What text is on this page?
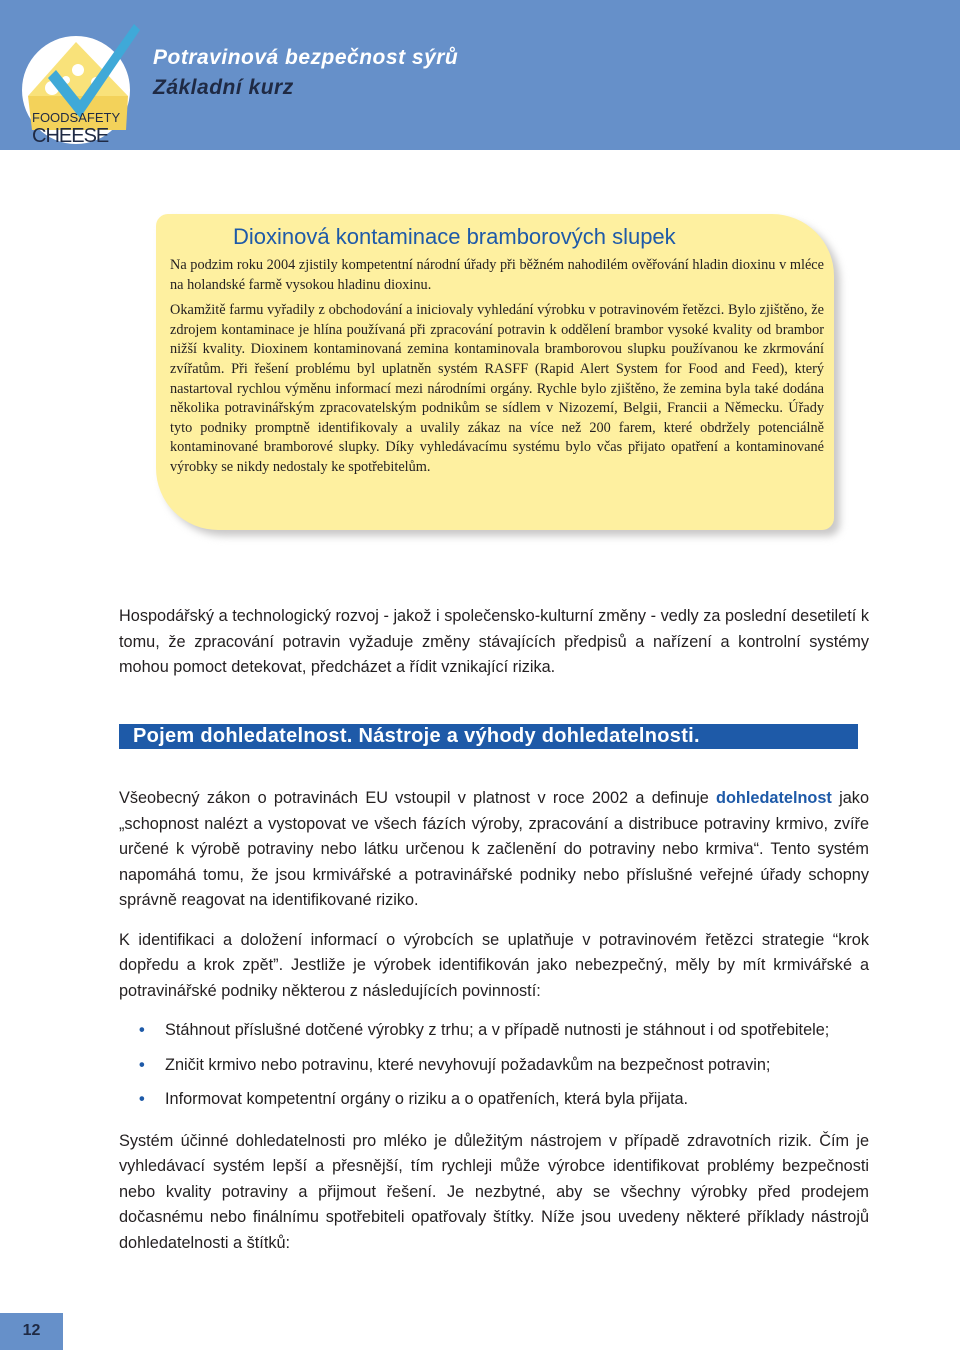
FOODSAFETY
CHEESE
Potravinová bezpečnost sýrů
Základní kurz
Dioxinová kontaminace bramborových slupek

Na podzim roku 2004 zjistily kompetentní národní úřady při běžném nahodilém ověřování hladin dioxinu v mléce na holandské farmě vysokou hladinu dioxinu.

Okamžitě farmu vyřadily z obchodování a iniciovaly vyhledání výrobku v potravinovém řetězci. Bylo zjištěno, že zdrojem kontaminace je hlína používaná při zpracování potravin k oddělení brambor vysoké kvality od brambor nižší kvality. Dioxinem kontaminovaná zemina kontaminovala bramborovou slupku používanou ke zkrmování zvířatům. Při řešení problému byl uplatněn systém RASFF (Rapid Alert System for Food and Feed), který nastartoval rychlou výměnu informací mezi národními orgány. Rychle bylo zjištěno, že zemina byla také dodána několika potravinářským zpracovatelským podnikům se sídlem v Nizozemí, Belgii, Francii a Německu. Úřady tyto podniky promptně identifikovaly a uvalily zákaz na více než 200 farem, které obdržely potenciálně kontaminované bramborové slupky. Díky vyhledávacímu systému bylo včas přijato opatření a kontaminované výrobky se nikdy nedostaly ke spotřebitelům.

Hospodářský a technologický rozvoj - jakož i společensko-kulturní změny - vedly za poslední desetiletí k tomu, že zpracování potravin vyžaduje změny stávajících předpisů a nařízení a kontrolní systémy mohou pomoct detekovat, předcházet a řídit vznikající rizika.

Pojem dohledatelnost. Nástroje a výhody dohledatelnosti.

Všeobecný zákon o potravinách EU vstoupil v platnost v roce 2002 a definuje dohledatelnost jako „schopnost nalézt a vystopovat ve všech fázích výroby, zpracování a distribuce potraviny krmivo, zvíře určené k výrobě potraviny nebo látku určenou k začlenění do potraviny nebo krmiva“. Tento systém napomáhá tomu, že jsou krmivářské a potravinářské podniky nebo příslušné veřejné úřady schopny správně reagovat na identifikované riziko.

K identifikaci a doložení informací o výrobcích se uplatňuje v potravinovém řetězci strategie “krok dopředu a krok zpět”. Jestliže je výrobek identifikován jako nebezpečný, měly by mít krmivářské a potravinářské podniky některou z následujících povinností:

• Stáhnout příslušné dotčené výrobky z trhu; a v případě nutnosti je stáhnout i od spotřebitele;
• Zničit krmivo nebo potravinu, které nevyhovují požadavkům na bezpečnost potravin;
• Informovat kompetentní orgány o riziku a o opatřeních, která byla přijata.

Systém účinné dohledatelnosti pro mléko je důležitým nástrojem v případě zdravotních rizik. Čím je vyhledávací systém lepší a přesnější, tím rychleji může výrobce identifikovat problémy bezpečnosti nebo kvality potraviny a přijmout řešení. Je nezbytné, aby se všechny výrobky před prodejem dočasnému nebo finálnímu spotřebiteli opatřovaly štítky. Níže jsou uvedeny některé příklady nástrojů dohledatelnosti a štítků:

12
